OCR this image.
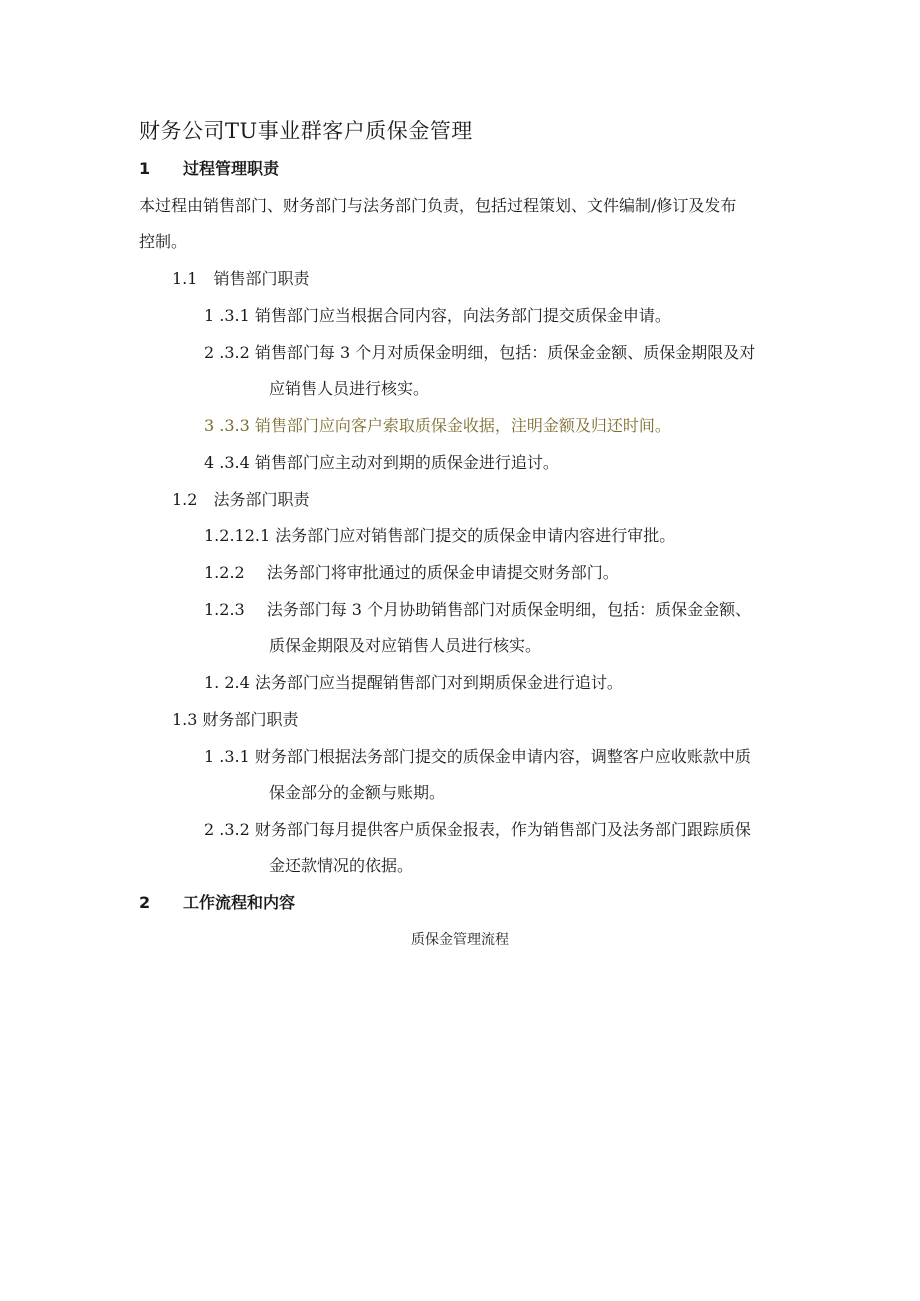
财务公司TU事业群客户质保金管理
1 过程管理职责
本过程由销售部门、财务部门与法务部门负责，包括过程策划、文件编制/修订及发布
控制。
1.1　销售部门职责
1 .3.1 销售部门应当根据合同内容，向法务部门提交质保金申请。
2 .3.2 销售部门每 3 个月对质保金明细，包括：质保金金额、质保金期限及对
应销售人员进行核实。
3 .3.3 销售部门应向客户索取质保金收据，注明金额及归还时间。
4 .3.4 销售部门应主动对到期的质保金进行追讨。
1.2　法务部门职责
1.2.12.1 法务部门应对销售部门提交的质保金申请内容进行审批。
1.2.2 法务部门将审批通过的质保金申请提交财务部门。
1.2.3 法务部门每 3 个月协助销售部门对质保金明细，包括：质保金金额、
质保金期限及对应销售人员进行核实。
1. 2.4 法务部门应当提醒销售部门对到期质保金进行追讨。
1.3 财务部门职责
1 .3.1 财务部门根据法务部门提交的质保金申请内容，调整客户应收账款中质
保金部分的金额与账期。
2 .3.2 财务部门每月提供客户质保金报表，作为销售部门及法务部门跟踪质保
金还款情况的依据。
2 工作流程和内容
质保金管理流程
